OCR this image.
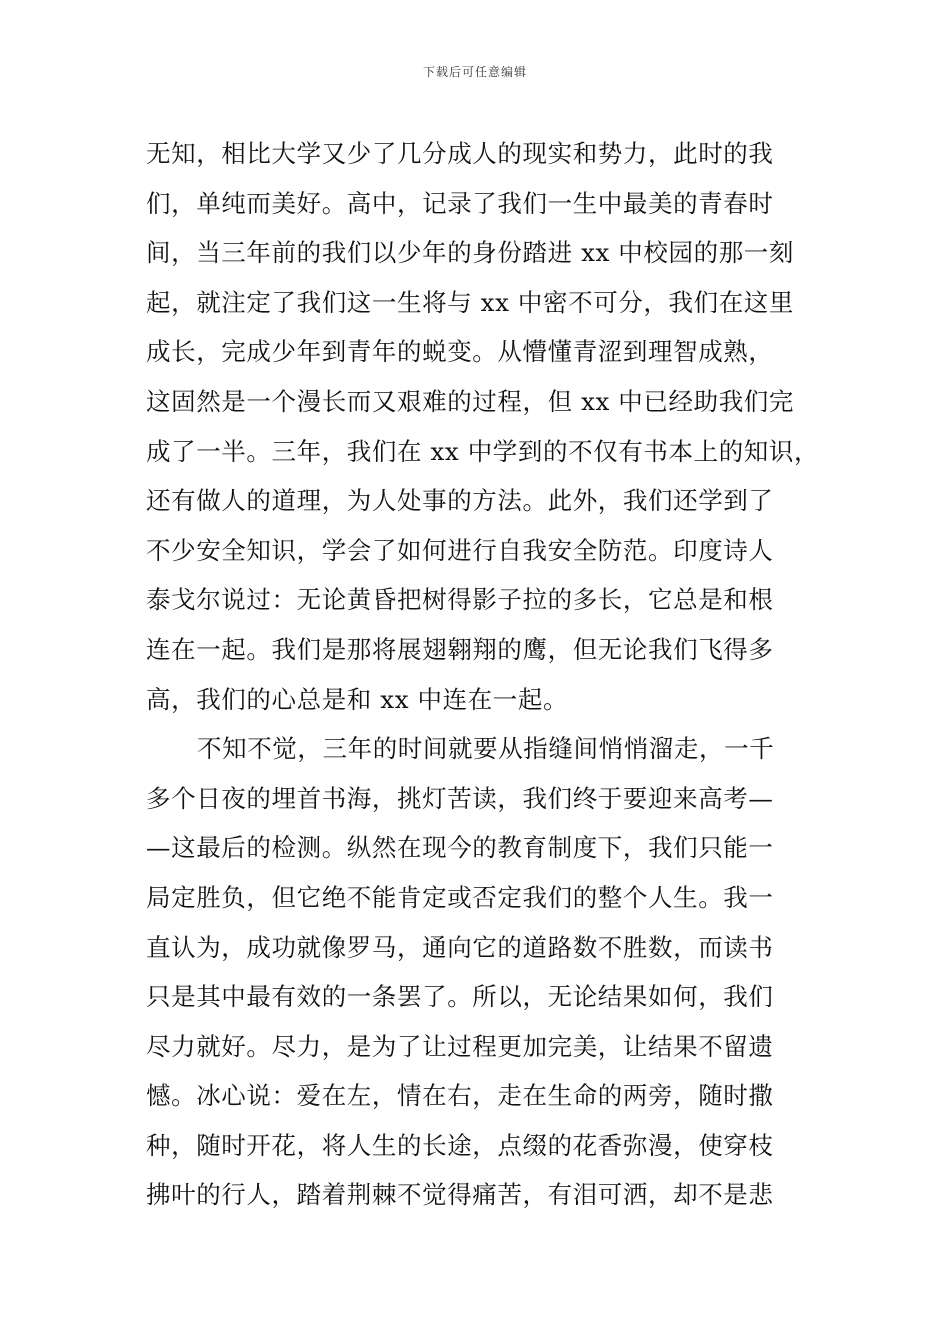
下载后可任意编辑
无知，相比大学又少了几分成人的现实和势力，此时的我
们，单纯而美好。高中，记录了我们一生中最美的青春时
间，当三年前的我们以少年的身份踏进 xx 中校园的那一刻
起，就注定了我们这一生将与 xx 中密不可分，我们在这里
成长，完成少年到青年的蜕变。从懵懂青涩到理智成熟，
这固然是一个漫长而又艰难的过程，但 xx 中已经助我们完
成了一半。三年，我们在 xx 中学到的不仅有书本上的知识，
还有做人的道理，为人处事的方法。此外，我们还学到了
不少安全知识，学会了如何进行自我安全防范。印度诗人
泰戈尔说过：无论黄昏把树得影子拉的多长，它总是和根
连在一起。我们是那将展翅翱翔的鹰，但无论我们飞得多
高，我们的心总是和 xx 中连在一起。
不知不觉，三年的时间就要从指缝间悄悄溜走，一千
多个日夜的埋首书海，挑灯苦读，我们终于要迎来高考—
—这最后的检测。纵然在现今的教育制度下，我们只能一
局定胜负，但它绝不能肯定或否定我们的整个人生。我一
直认为，成功就像罗马，通向它的道路数不胜数，而读书
只是其中最有效的一条罢了。所以，无论结果如何，我们
尽力就好。尽力，是为了让过程更加完美，让结果不留遗
憾。冰心说：爱在左，情在右，走在生命的两旁，随时撒
种，随时开花，将人生的长途，点缀的花香弥漫，使穿枝
拂叶的行人，踏着荆棘不觉得痛苦，有泪可洒，却不是悲
